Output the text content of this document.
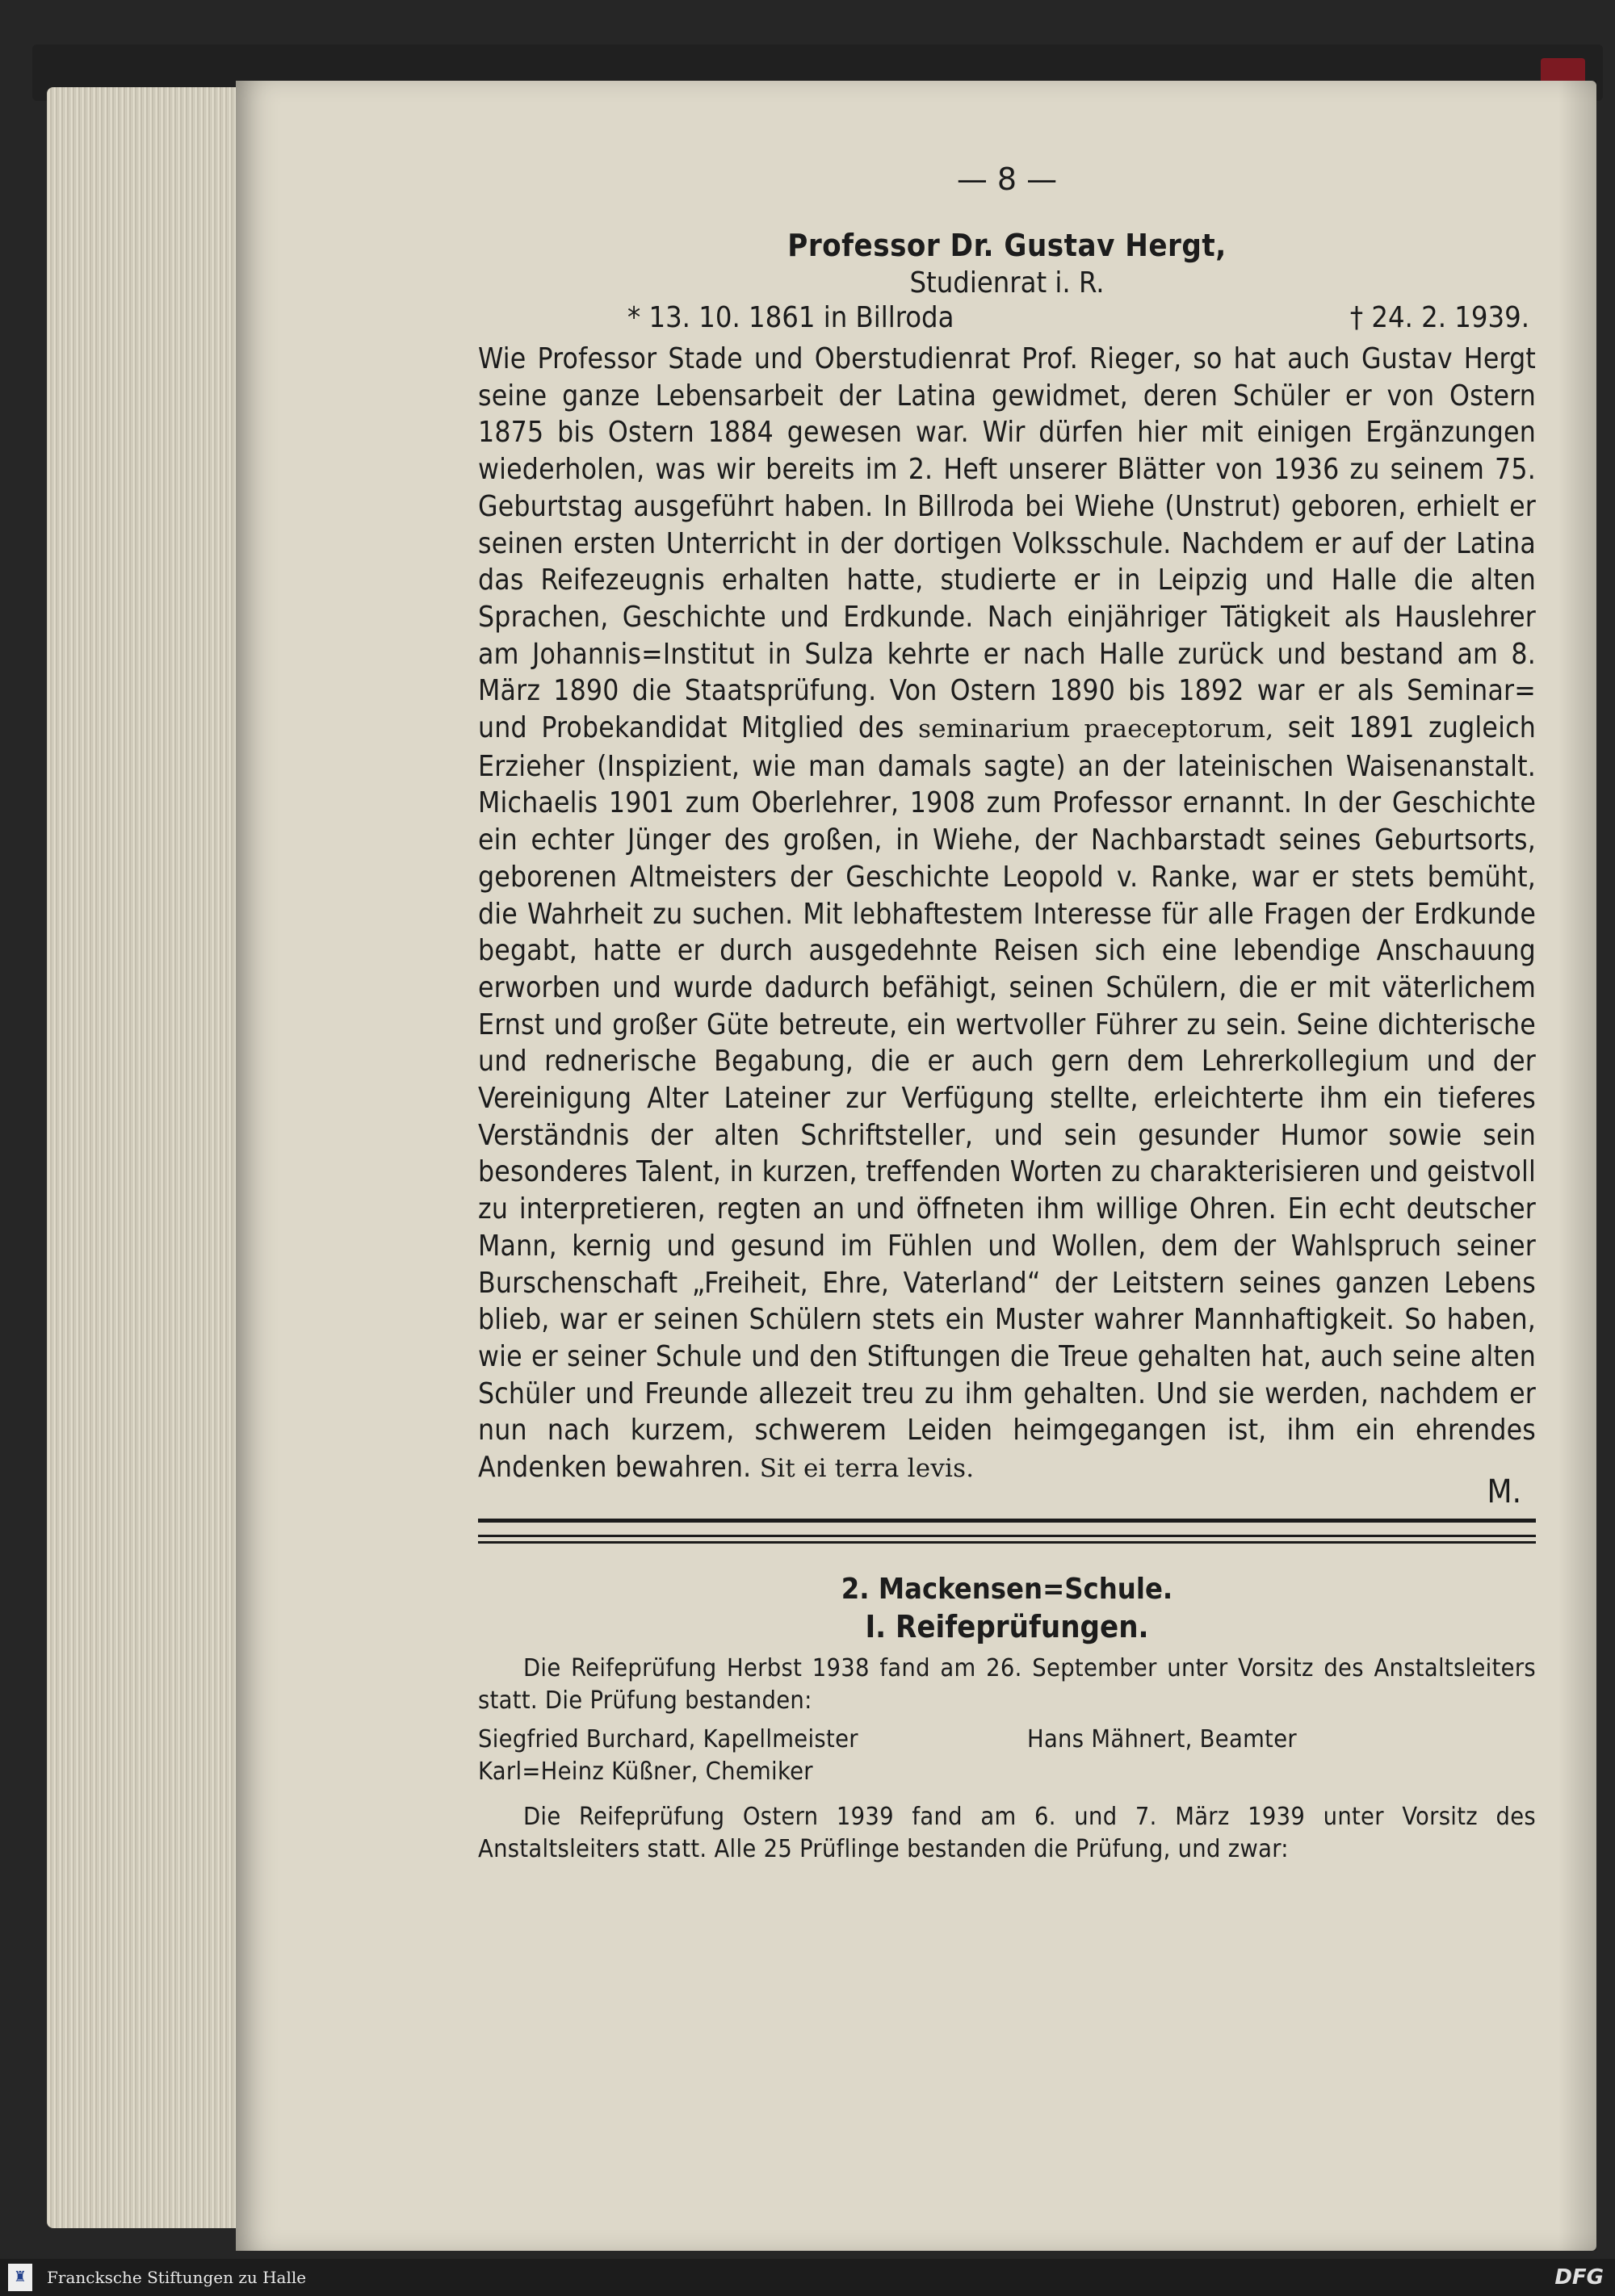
— 8 —
Professor Dr. Gustav Hergt,
Studienrat i. R.
* 13. 10. 1861 in Billroda	† 24. 2. 1939.

Wie Professor Stade und Oberstudienrat Prof. Rieger, so hat auch Gustav Hergt seine ganze Lebensarbeit der Latina gewidmet, deren Schüler er von Ostern 1875 bis Ostern 1884 gewesen war. Wir dürfen hier mit einigen Ergänzungen wiederholen, was wir bereits im 2. Heft unserer Blätter von 1936 zu seinem 75. Geburtstag ausgeführt haben. In Billroda bei Wiehe (Unstrut) geboren, erhielt er seinen ersten Unterricht in der dortigen Volksschule. Nachdem er auf der Latina das Reifezeugnis erhalten hatte, studierte er in Leipzig und Halle die alten Sprachen, Geschichte und Erdkunde. Nach einjähriger Tätigkeit als Hauslehrer am Johannis=Institut in Sulza kehrte er nach Halle zurück und bestand am 8. März 1890 die Staatsprüfung. Von Ostern 1890 bis 1892 war er als Seminar= und Probekandidat Mitglied des seminarium praeceptorum, seit 1891 zugleich Erzieher (Inspizient, wie man damals sagte) an der lateinischen Waisenanstalt. Michaelis 1901 zum Oberlehrer, 1908 zum Professor ernannt. In der Geschichte ein echter Jünger des großen, in Wiehe, der Nachbarstadt seines Geburtsorts, geborenen Altmeisters der Geschichte Leopold v. Ranke, war er stets bemüht, die Wahrheit zu suchen. Mit lebhaftestem Interesse für alle Fragen der Erdkunde begabt, hatte er durch ausgedehnte Reisen sich eine lebendige Anschauung erworben und wurde dadurch befähigt, seinen Schülern, die er mit väterlichem Ernst und großer Güte betreute, ein wertvoller Führer zu sein. Seine dichterische und rednerische Begabung, die er auch gern dem Lehrerkollegium und der Vereinigung Alter Lateiner zur Verfügung stellte, erleichterte ihm ein tieferes Verständnis der alten Schriftsteller, und sein gesunder Humor sowie sein besonderes Talent, in kurzen, treffenden Worten zu charakterisieren und geistvoll zu interpretieren, regten an und öffneten ihm willige Ohren. Ein echt deutscher Mann, kernig und gesund im Fühlen und Wollen, dem der Wahlspruch seiner Burschenschaft „Freiheit, Ehre, Vaterland“ der Leitstern seines ganzen Lebens blieb, war er seinen Schülern stets ein Muster wahrer Mannhaftigkeit. So haben, wie er seiner Schule und den Stiftungen die Treue gehalten hat, auch seine alten Schüler und Freunde allezeit treu zu ihm gehalten. Und sie werden, nachdem er nun nach kurzem, schwerem Leiden heimgegangen ist, ihm ein ehrendes Andenken bewahren. Sit ei terra levis.

M.
2. Mackensen=Schule.
I. Reifeprüfungen.

Die Reifeprüfung Herbst 1938 fand am 26. September unter Vorsitz des Anstaltsleiters statt. Die Prüfung bestanden:

Siegfried Burchard, Kapellmeister	Hans Mähnert, Beamter
Karl=Heinz Küßner, Chemiker

Die Reifeprüfung Ostern 1939 fand am 6. und 7. März 1939 unter Vorsitz des Anstaltsleiters statt. Alle 25 Prüflinge bestanden die Prüfung, und zwar:

♜	Francksche Stiftungen zu Halle	DFG
